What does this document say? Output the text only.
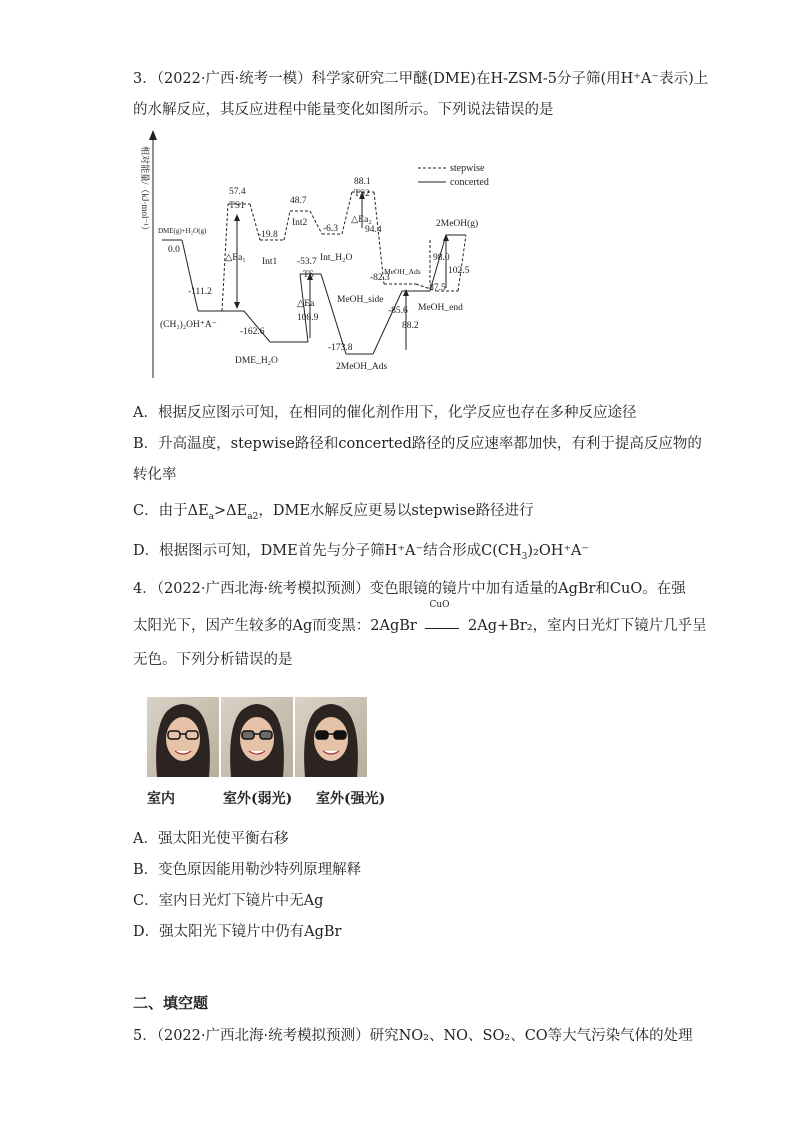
3．（2022·广西·统考一模）科学家研究二甲醚(DME)在H-ZSM-5分子筛(用H⁺A⁻表示)上
的水解反应，其反应进程中能量变化如图所示。下列说法错误的是
相对能量/（kJ·mol⁻¹）	stepwise
concerted
DME(g)+H₂O(g)
0.0
-111.2
(CH₃)₂OH⁺A⁻
57.4
TS1
△Ea₁
-19.8
Int1
48.7
Int2
-6.3
Int_H₂O
88.1
TS2
△Ea₂
94.4
-53.7
TS
△Ea
108.9
-162.6
DME_H₂O
-82.3
MeOH_Ads
MeOH_side
-85.6
-87.5
MeOH_end
-173.8
2MeOH_Ads
88.2
2MeOH(g)
98.0
102.5
A．根据反应图示可知，在相同的催化剂作用下，化学反应也存在多种反应途径
B．升高温度，stepwise路径和concerted路径的反应速率都加快，有利于提高反应物的
转化率
C．由于$\Delta E_a>\Delta E_{a2}$，DME水解反应更易以stepwise路径进行
D．根据图示可知，DME首先与分子筛H⁺A⁻结合形成$C(CH_3)_2OH^+A^-$
4．（2022·广西北海·统考模拟预测）变色眼镜的镜片中加有适量的AgBr和CuO。在强
太阳光下，因产生较多的Ag而变黑：2AgBr
CuO
2Ag+Br₂，室内日光灯下镜片几乎呈
无色。下列分析错误的是
室内	室外(弱光) 室外(强光)
A．强太阳光使平衡右移
B．变色原因能用勒沙特列原理解释
C．室内日光灯下镜片中无Ag
D．强太阳光下镜片中仍有AgBr
二、填空题
5．（2022·广西北海·统考模拟预测）研究NO₂、NO、SO₂、CO等大气污染气体的处理
